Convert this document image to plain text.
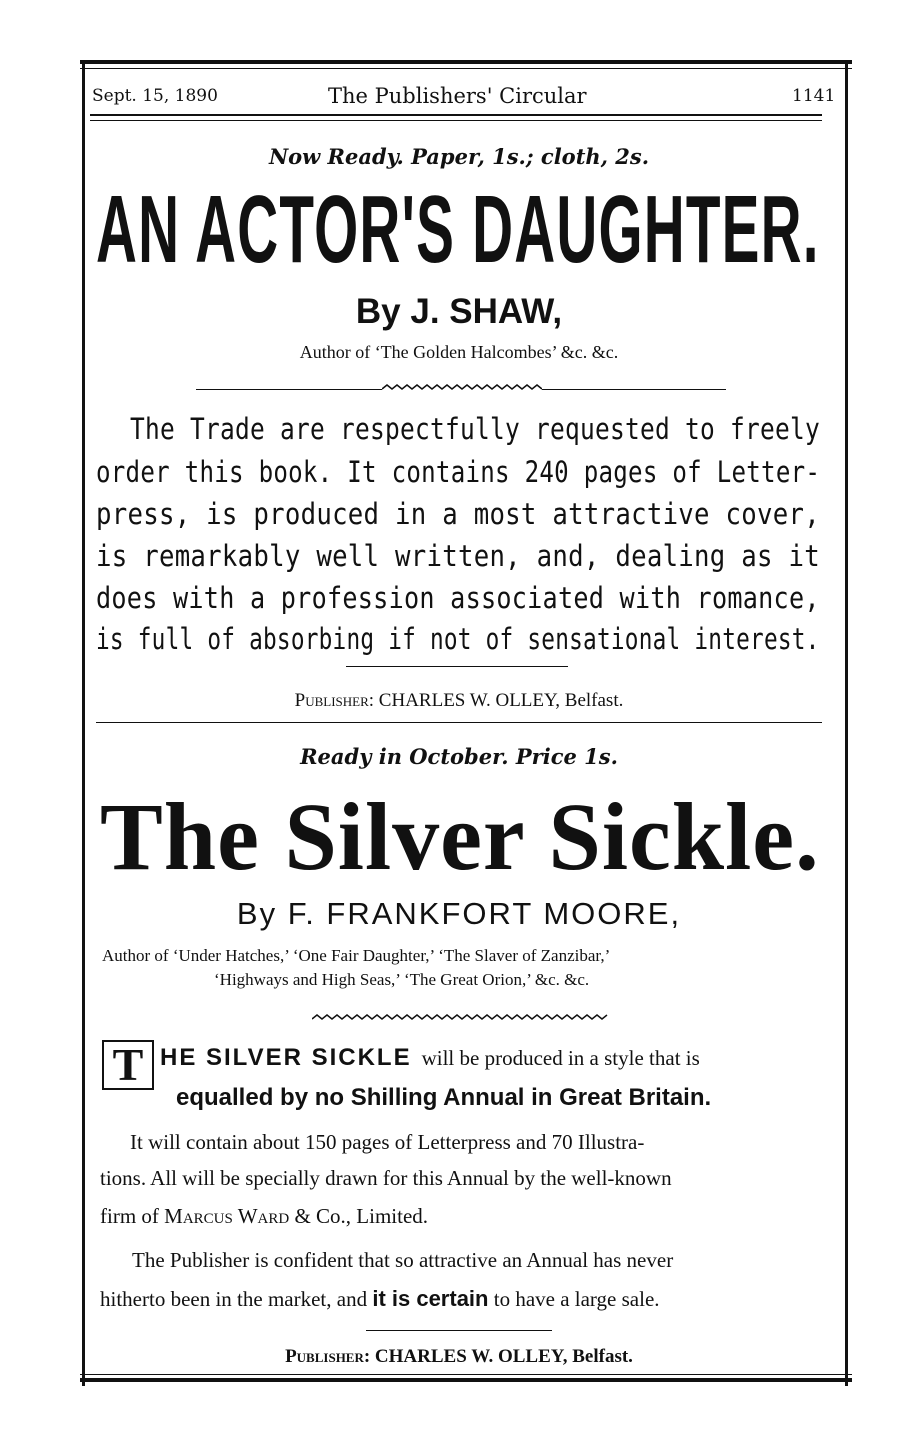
Sept. 15, 1890	The Publishers' Circular	1141
Now Ready. Paper, 1s.; cloth, 2s.
AN ACTOR'S DAUGHTER.
By J. SHAW,
Author of ‘The Golden Halcombes’ &c. &c.
The Trade are respectfully requested to freely
order this book. It contains 240 pages of Letter-
press, is produced in a most attractive cover,
is remarkably well written, and, dealing as it
does with a profession associated with romance,
is full of absorbing if not of sensational interest.
Publisher: CHARLES W. OLLEY, Belfast.
Ready in October. Price 1s.
The Silver Sickle.
By F. FRANKFORT MOORE,
Author of ‘Under Hatches,’ ‘One Fair Daughter,’ ‘The Slaver of Zanzibar,’
‘Highways and High Seas,’ ‘The Great Orion,’ &c. &c.
T HE SILVER SICKLE will be produced in a style that is
equalled by no Shilling Annual in Great Britain.
It will contain about 150 pages of Letterpress and 70 Illustra-
tions. All will be specially drawn for this Annual by the well-known
firm of Marcus Ward & Co., Limited.
The Publisher is confident that so attractive an Annual has never
hitherto been in the market, and it is certain to have a large sale.
Publisher: CHARLES W. OLLEY, Belfast.
